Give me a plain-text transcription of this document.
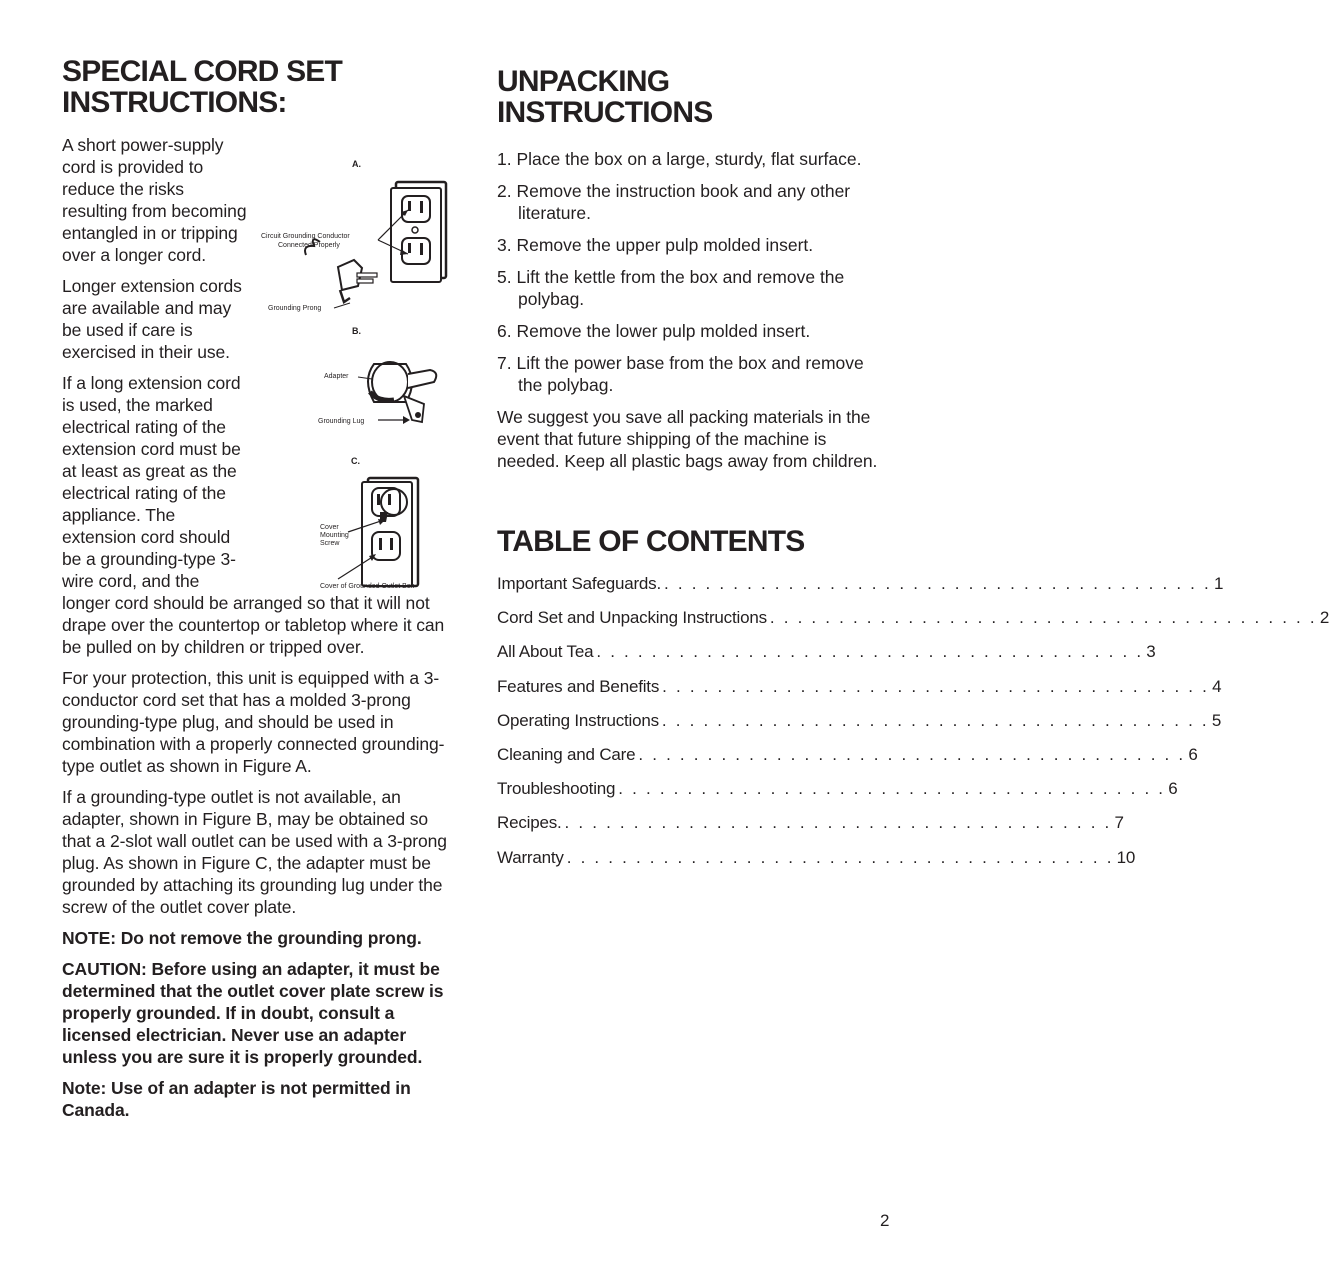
SPECIAL CORD SET INSTRUCTIONS:
A.
Circuit Grounding Conductor
Connected Properly
Grounding Prong
B.
Adapter
Grounding Lug
C.
Cover
Mounting
Screw
Cover of Grounded Outlet Box

A short power-supply cord is provided to reduce the risks resulting from becoming entangled in or tripping over a longer cord.

Longer extension cords are available and may be used if care is exercised in their use.

If a long extension cord is used, the marked electrical rating of the extension cord must be at least as great as the electrical rating of the appliance. The extension cord should be a grounding-type 3-wire cord, and the longer cord should be arranged so that it will not drape over the countertop or tabletop where it can be pulled on by children or tripped over.

For your protection, this unit is equipped with a 3-conductor cord set that has a molded 3-prong grounding-type plug, and should be used in combination with a properly connected grounding-type outlet as shown in Figure A.

If a grounding-type outlet is not available, an adapter, shown in Figure B, may be obtained so that a 2-slot wall outlet can be used with a 3-prong plug. As shown in Figure C, the adapter must be grounded by attaching its grounding lug under the screw of the outlet cover plate.

NOTE: Do not remove the grounding prong.

CAUTION: Before using an adapter, it must be determined that the outlet cover plate screw is properly grounded. If in doubt, consult a licensed electrician. Never use an adapter unless you are sure it is properly grounded.

Note: Use of an adapter is not permitted in Canada.

UNPACKING INSTRUCTIONS
1. Place the box on a large, sturdy, flat surface.
2. Remove the instruction book and any other literature.
3. Remove the upper pulp molded insert.
5. Lift the kettle from the box and remove the polybag.
6. Remove the lower pulp molded insert.
7. Lift the power base from the box and remove the polybag.

We suggest you save all packing materials in the event that future shipping of the machine is needed. Keep all plastic bags away from children.

TABLE OF CONTENTS
Important Safeguards. . . . . . . . . . . . . . . . . . . . . . . . . . . . . . . . . . . . . . . . . 1
Cord Set and Unpacking Instructions . . . . . . . . . . . . . . . . . . . . . . . . . . . . . . . . . . . . . . . . 2
All About Tea . . . . . . . . . . . . . . . . . . . . . . . . . . . . . . . . . . . . . . . . 3
Features and Benefits . . . . . . . . . . . . . . . . . . . . . . . . . . . . . . . . . . . . . . . . 4
Operating Instructions . . . . . . . . . . . . . . . . . . . . . . . . . . . . . . . . . . . . . . . . 5
Cleaning and Care . . . . . . . . . . . . . . . . . . . . . . . . . . . . . . . . . . . . . . . . 6
Troubleshooting . . . . . . . . . . . . . . . . . . . . . . . . . . . . . . . . . . . . . . . . 6
Recipes. . . . . . . . . . . . . . . . . . . . . . . . . . . . . . . . . . . . . . . . . 7
Warranty . . . . . . . . . . . . . . . . . . . . . . . . . . . . . . . . . . . . . . . . 10
2
